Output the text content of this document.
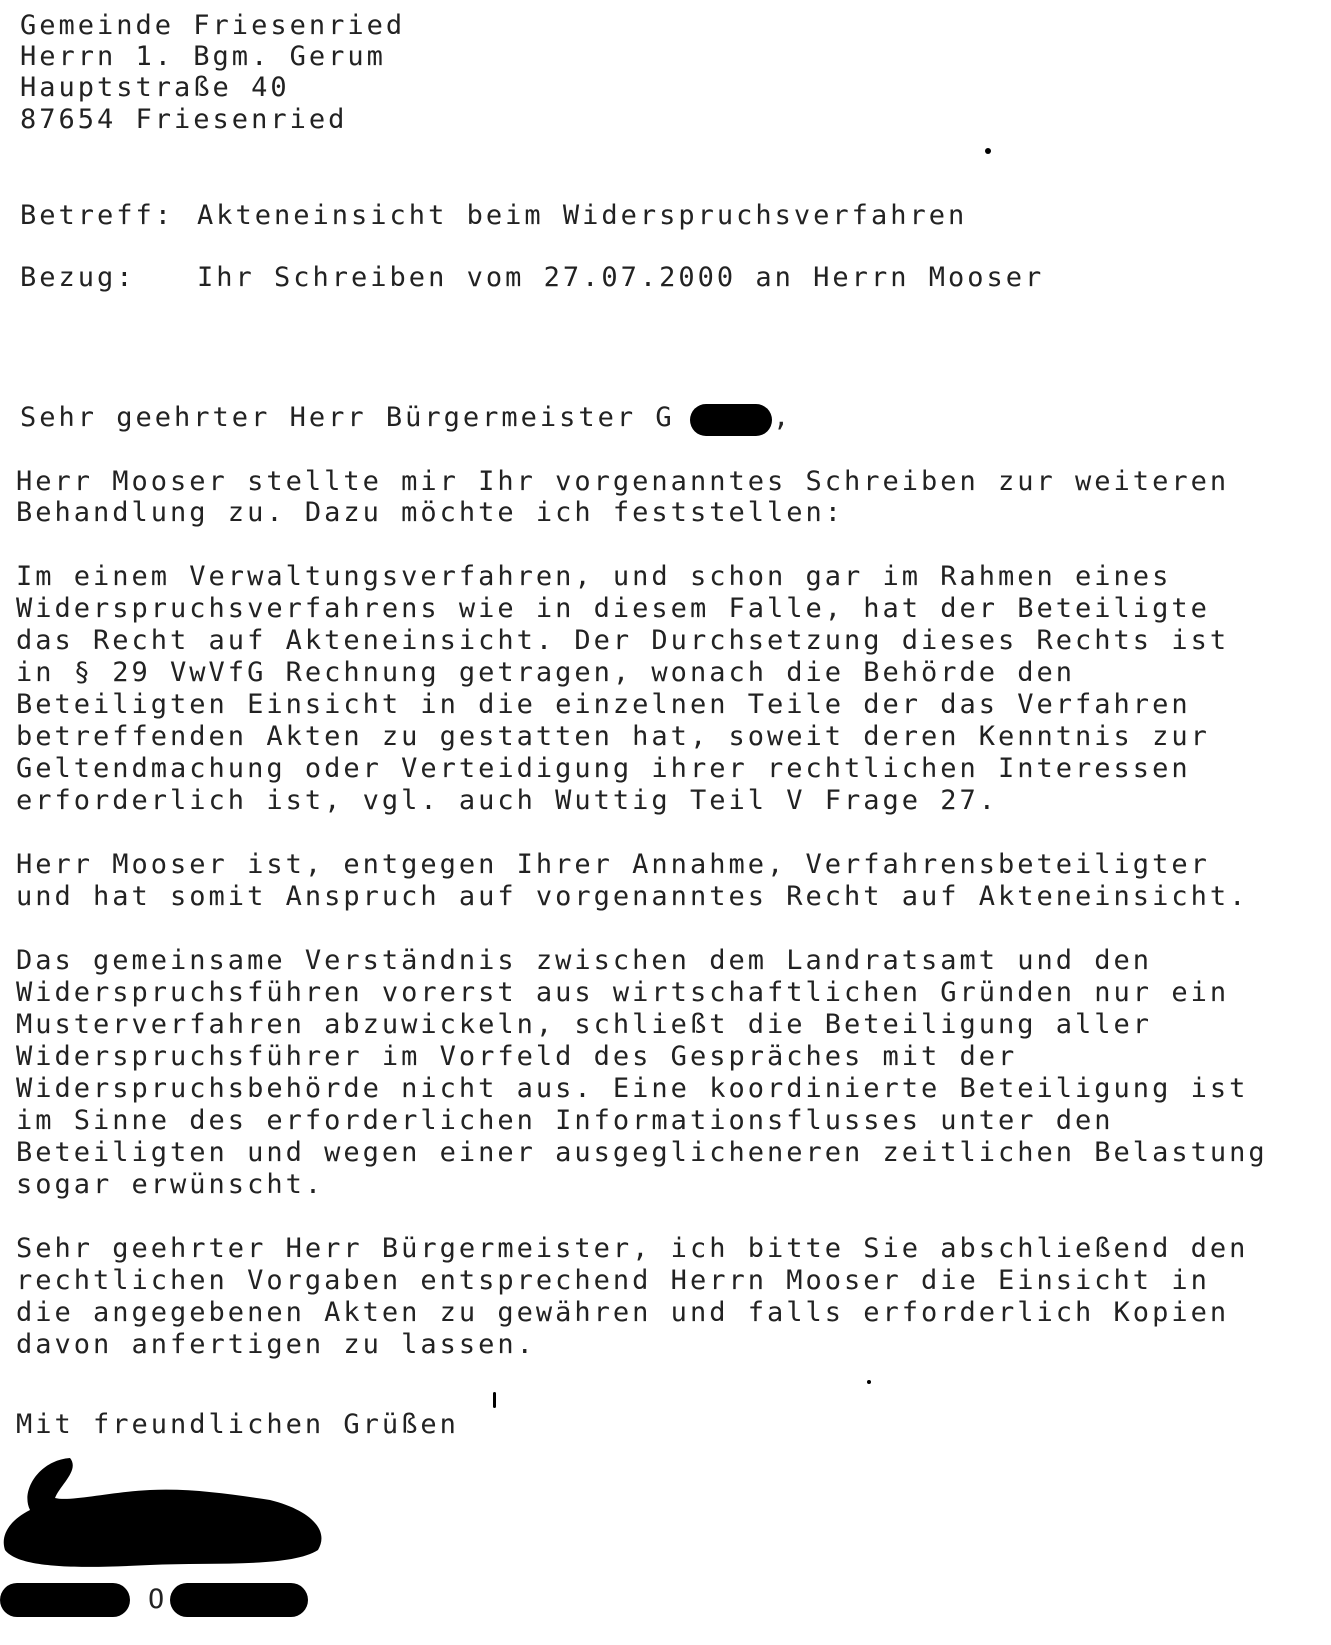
Gemeinde Friesenried
Herrn 1. Bgm. Gerum
Hauptstraße 40
87654 Friesenried
Betreff: Akteneinsicht beim Widerspruchsverfahren
Bezug: Ihr Schreiben vom 27.07.2000 an Herrn Mooser
Sehr geehrter Herr Bürgermeister G	,
Herr Mooser stellte mir Ihr vorgenanntes Schreiben zur weiteren
Behandlung zu. Dazu möchte ich feststellen:
Im einem Verwaltungsverfahren, und schon gar im Rahmen eines
Widerspruchsverfahrens wie in diesem Falle, hat der Beteiligte
das Recht auf Akteneinsicht. Der Durchsetzung dieses Rechts ist
in § 29 VwVfG Rechnung getragen, wonach die Behörde den
Beteiligten Einsicht in die einzelnen Teile der das Verfahren
betreffenden Akten zu gestatten hat, soweit deren Kenntnis zur
Geltendmachung oder Verteidigung ihrer rechtlichen Interessen
erforderlich ist, vgl. auch Wuttig Teil V Frage 27.
Herr Mooser ist, entgegen Ihrer Annahme, Verfahrensbeteiligter
und hat somit Anspruch auf vorgenanntes Recht auf Akteneinsicht.
Das gemeinsame Verständnis zwischen dem Landratsamt und den
Widerspruchsführen vorerst aus wirtschaftlichen Gründen nur ein
Musterverfahren abzuwickeln, schließt die Beteiligung aller
Widerspruchsführer im Vorfeld des Gespräches mit der
Widerspruchsbehörde nicht aus. Eine koordinierte Beteiligung ist
im Sinne des erforderlichen Informationsflusses unter den
Beteiligten und wegen einer ausgeglicheneren zeitlichen Belastung
sogar erwünscht.
Sehr geehrter Herr Bürgermeister, ich bitte Sie abschließend den
rechtlichen Vorgaben entsprechend Herrn Mooser die Einsicht in
die angegebenen Akten zu gewähren und falls erforderlich Kopien
davon anfertigen zu lassen.
Mit freundlichen Grüßen
O
